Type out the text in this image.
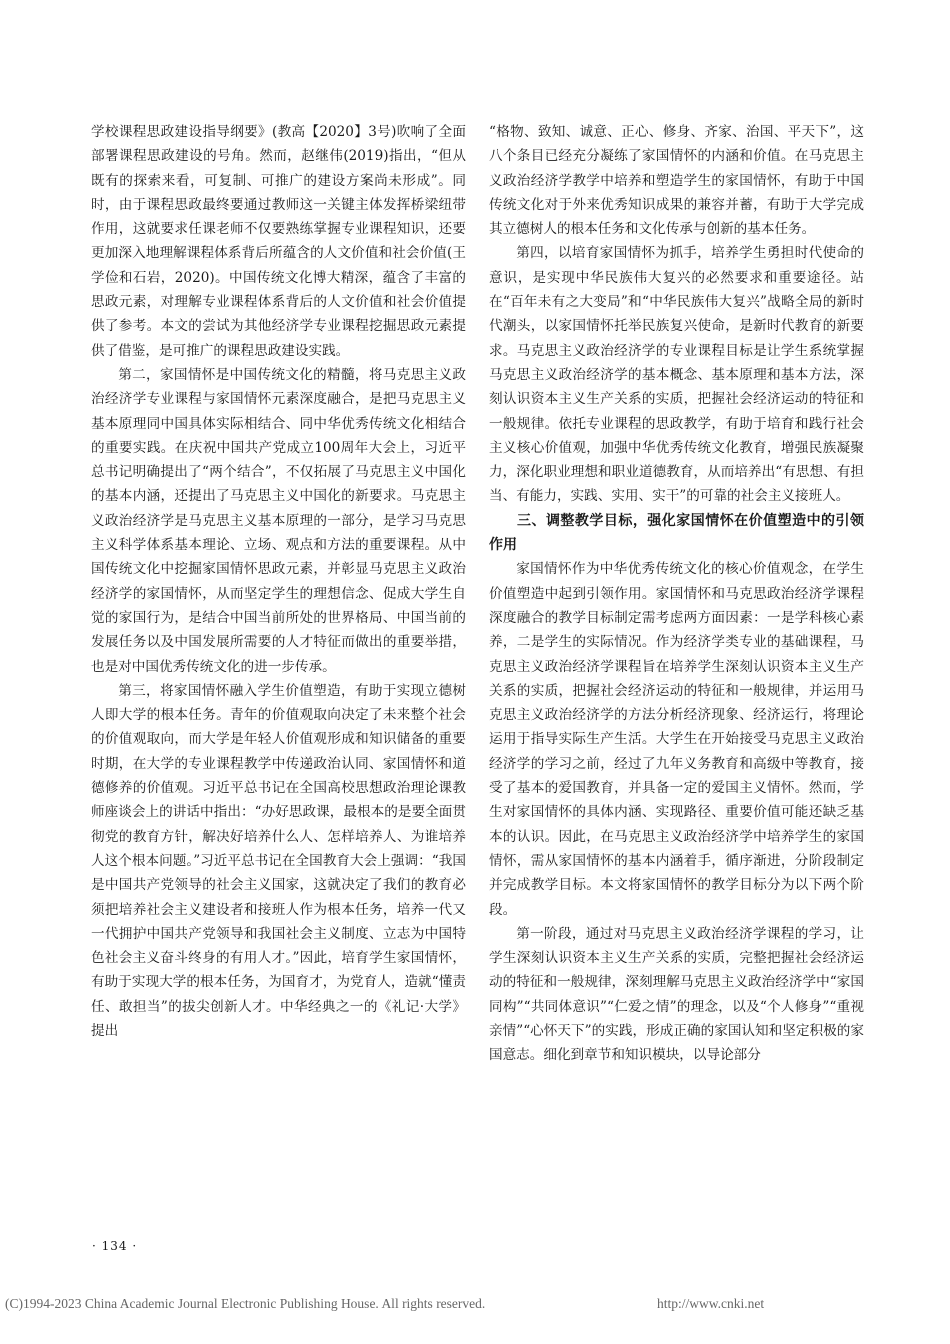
学校课程思政建设指导纲要》(教高【2020】3号)吹响了全面部署课程思政建设的号角。然而，赵继伟(2019)指出，“但从既有的探索来看，可复制、可推广的建设方案尚未形成”。同时，由于课程思政最终要通过教师这一关键主体发挥桥梁纽带作用，这就要求任课老师不仅要熟练掌握专业课程知识，还要更加深入地理解课程体系背后所蕴含的人文价值和社会价值(王学俭和石岩，2020)。中国传统文化博大精深，蕴含了丰富的思政元素，对理解专业课程体系背后的人文价值和社会价值提供了参考。本文的尝试为其他经济学专业课程挖掘思政元素提供了借鉴，是可推广的课程思政建设实践。

第二，家国情怀是中国传统文化的精髓，将马克思主义政治经济学专业课程与家国情怀元素深度融合，是把马克思主义基本原理同中国具体实际相结合、同中华优秀传统文化相结合的重要实践。在庆祝中国共产党成立100周年大会上，习近平总书记明确提出了“两个结合”，不仅拓展了马克思主义中国化的基本内涵，还提出了马克思主义中国化的新要求。马克思主义政治经济学是马克思主义基本原理的一部分，是学习马克思主义科学体系基本理论、立场、观点和方法的重要课程。从中国传统文化中挖掘家国情怀思政元素，并彰显马克思主义政治经济学的家国情怀，从而坚定学生的理想信念、促成大学生自觉的家国行为，是结合中国当前所处的世界格局、中国当前的发展任务以及中国发展所需要的人才特征而做出的重要举措，也是对中国优秀传统文化的进一步传承。

第三，将家国情怀融入学生价值塑造，有助于实现立德树人即大学的根本任务。青年的价值观取向决定了未来整个社会的价值观取向，而大学是年轻人价值观形成和知识储备的重要时期，在大学的专业课程教学中传递政治认同、家国情怀和道德修养的价值观。习近平总书记在全国高校思想政治理论课教师座谈会上的讲话中指出：“办好思政课，最根本的是要全面贯彻党的教育方针，解决好培养什么人、怎样培养人、为谁培养人这个根本问题。”习近平总书记在全国教育大会上强调：“我国是中国共产党领导的社会主义国家，这就决定了我们的教育必须把培养社会主义建设者和接班人作为根本任务，培养一代又一代拥护中国共产党领导和我国社会主义制度、立志为中国特色社会主义奋斗终身的有用人才。”因此，培育学生家国情怀，有助于实现大学的根本任务，为国育才，为党育人，造就“懂责任、敢担当”的拔尖创新人才。中华经典之一的《礼记·大学》提出

“格物、致知、诚意、正心、修身、齐家、治国、平天下”，这八个条目已经充分凝练了家国情怀的内涵和价值。在马克思主义政治经济学教学中培养和塑造学生的家国情怀，有助于中国传统文化对于外来优秀知识成果的兼容并蓄，有助于大学完成其立德树人的根本任务和文化传承与创新的基本任务。

第四，以培育家国情怀为抓手，培养学生勇担时代使命的意识，是实现中华民族伟大复兴的必然要求和重要途径。站在“百年未有之大变局”和“中华民族伟大复兴”战略全局的新时代潮头，以家国情怀托举民族复兴使命，是新时代教育的新要求。马克思主义政治经济学的专业课程目标是让学生系统掌握马克思主义政治经济学的基本概念、基本原理和基本方法，深刻认识资本主义生产关系的实质，把握社会经济运动的特征和一般规律。依托专业课程的思政教学，有助于培育和践行社会主义核心价值观，加强中华优秀传统文化教育，增强民族凝聚力，深化职业理想和职业道德教育，从而培养出“有思想、有担当、有能力，实践、实用、实干”的可靠的社会主义接班人。

三、调整教学目标，强化家国情怀在价值塑造中的引领作用

家国情怀作为中华优秀传统文化的核心价值观念，在学生价值塑造中起到引领作用。家国情怀和马克思政治经济学课程深度融合的教学目标制定需考虑两方面因素：一是学科核心素养，二是学生的实际情况。作为经济学类专业的基础课程，马克思主义政治经济学课程旨在培养学生深刻认识资本主义生产关系的实质，把握社会经济运动的特征和一般规律，并运用马克思主义政治经济学的方法分析经济现象、经济运行，将理论运用于指导实际生产生活。大学生在开始接受马克思主义政治经济学的学习之前，经过了九年义务教育和高级中等教育，接受了基本的爱国教育，并具备一定的爱国主义情怀。然而，学生对家国情怀的具体内涵、实现路径、重要价值可能还缺乏基本的认识。因此，在马克思主义政治经济学中培养学生的家国情怀，需从家国情怀的基本内涵着手，循序渐进，分阶段制定并完成教学目标。本文将家国情怀的教学目标分为以下两个阶段。

第一阶段，通过对马克思主义政治经济学课程的学习，让学生深刻认识资本主义生产关系的实质，完整把握社会经济运动的特征和一般规律，深刻理解马克思主义政治经济学中“家国同构”“共同体意识”“仁爱之情”的理念，以及“个人修身”“重视亲情”“心怀天下”的实践，形成正确的家国认知和坚定积极的家国意志。细化到章节和知识模块，以导论部分

· 134 ·
(C)1994-2023 China Academic Journal Electronic Publishing House. All rights reserved.	http://www.cnki.net
